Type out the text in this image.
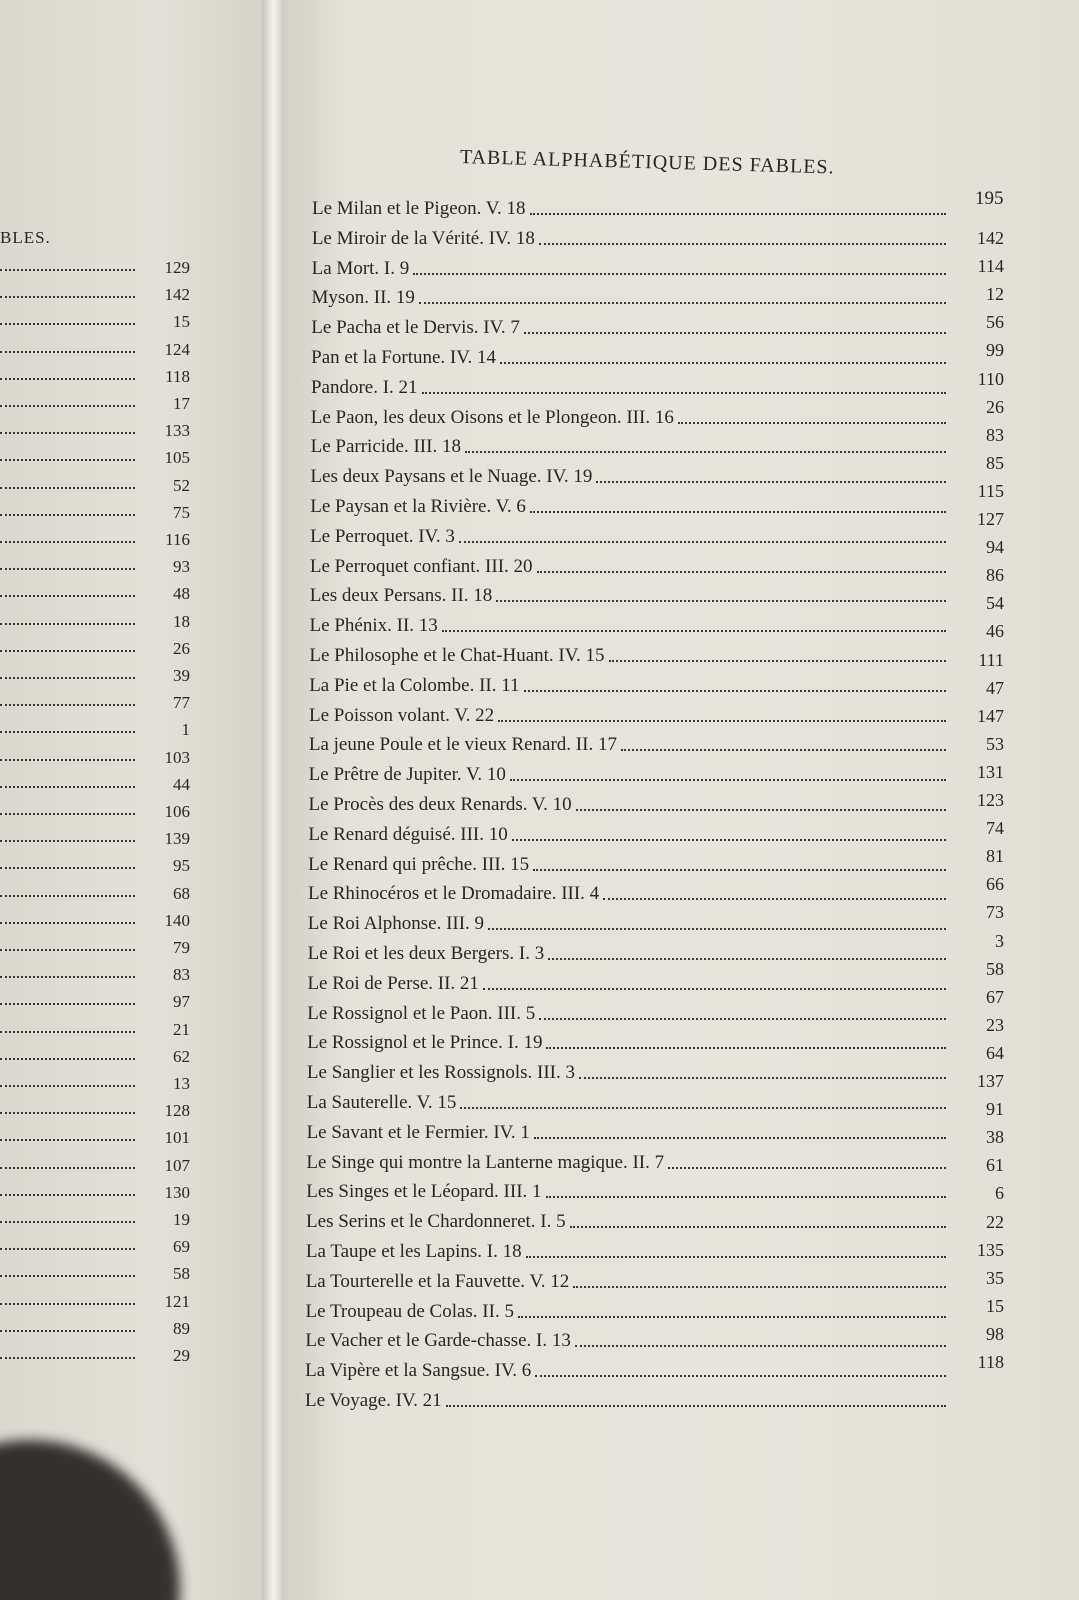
BLES.
129
142
15
124
118
17
133
105
52
75
116
93
48
18
26
39
77
1
103
44
106
139
95
68
140
79
83
97
21
62
13
128
101
107
130
19
69
58
121
89
29
TABLE ALPHABÉTIQUE DES FABLES.
195
Le Milan et le Pigeon. V. 18
Le Miroir de la Vérité. IV. 18
La Mort. I. 9
Myson. II. 19
Le Pacha et le Dervis. IV. 7
Pan et la Fortune. IV. 14
Pandore. I. 21
Le Paon, les deux Oisons et le Plongeon. III. 16
Le Parricide. III. 18
Les deux Paysans et le Nuage. IV. 19
Le Paysan et la Rivière. V. 6
Le Perroquet. IV. 3
Le Perroquet confiant. III. 20
Les deux Persans. II. 18
Le Phénix. II. 13
Le Philosophe et le Chat-Huant. IV. 15
La Pie et la Colombe. II. 11
Le Poisson volant. V. 22
La jeune Poule et le vieux Renard. II. 17
Le Prêtre de Jupiter. V. 10
Le Procès des deux Renards. V. 10
Le Renard déguisé. III. 10
Le Renard qui prêche. III. 15
Le Rhinocéros et le Dromadaire. III. 4
Le Roi Alphonse. III. 9
Le Roi et les deux Bergers. I. 3
Le Roi de Perse. II. 21
Le Rossignol et le Paon. III. 5
Le Rossignol et le Prince. I. 19
Le Sanglier et les Rossignols. III. 3
La Sauterelle. V. 15
Le Savant et le Fermier. IV. 1
Le Singe qui montre la Lanterne magique. II. 7
Les Singes et le Léopard. III. 1
Les Serins et le Chardonneret. I. 5
La Taupe et les Lapins. I. 18
La Tourterelle et la Fauvette. V. 12
Le Troupeau de Colas. II. 5
Le Vacher et le Garde-chasse. I. 13
La Vipère et la Sangsue. IV. 6
Le Voyage. IV. 21
142
114
12
56
99
110
26
83
85
115
127
94
86
54
46
111
47
147
53
131
123
74
81
66
73
3
58
67
23
64
137
91
38
61
6
22
135
35
15
98
118
